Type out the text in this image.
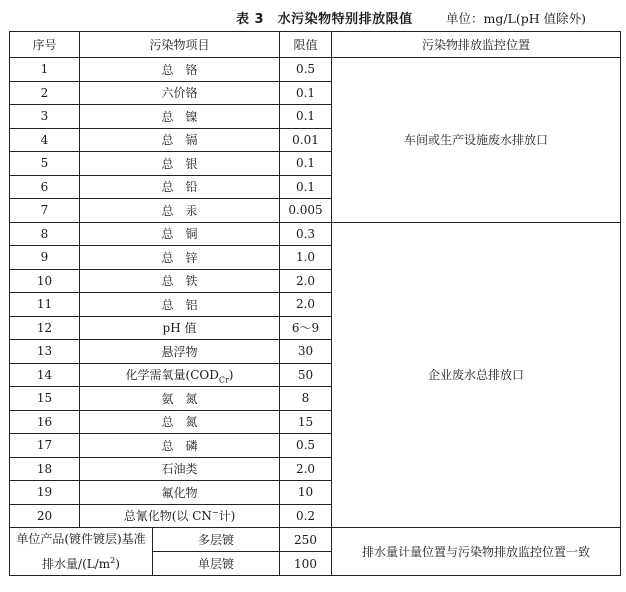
表 3　水污染物特别排放限值	单位：mg/L(pH 值除外)
序号	污染物项目	限值	污染物排放监控位置
1	总　铬	0.5	车间或生产设施废水排放口
2	六价铬	0.1	
3	总　镍	0.1	
4	总　镉	0.01	
5	总　银	0.1	
6	总　铅	0.1	
7	总　汞	0.005	
8	总　铜	0.3	企业废水总排放口
9	总　锌	1.0	
10	总　铁	2.0	
11	总　铝	2.0	
12	pH 值	6～9	
13	悬浮物	30	
14	化学需氧量$(COD_{Cr})$	50	
15	氨　氮	8	
16	总　氮	15	
17	总　磷	0.5	
18	石油类	2.0	
19	氟化物	10	
20	总氰化物(以 CN−计)	0.2	
单位产品(镀件镀层)基准
排水量$/(L/m^2)$	多层镀	250	排水量计量位置与污染物排放监控位置一致
	单层镀	100	
